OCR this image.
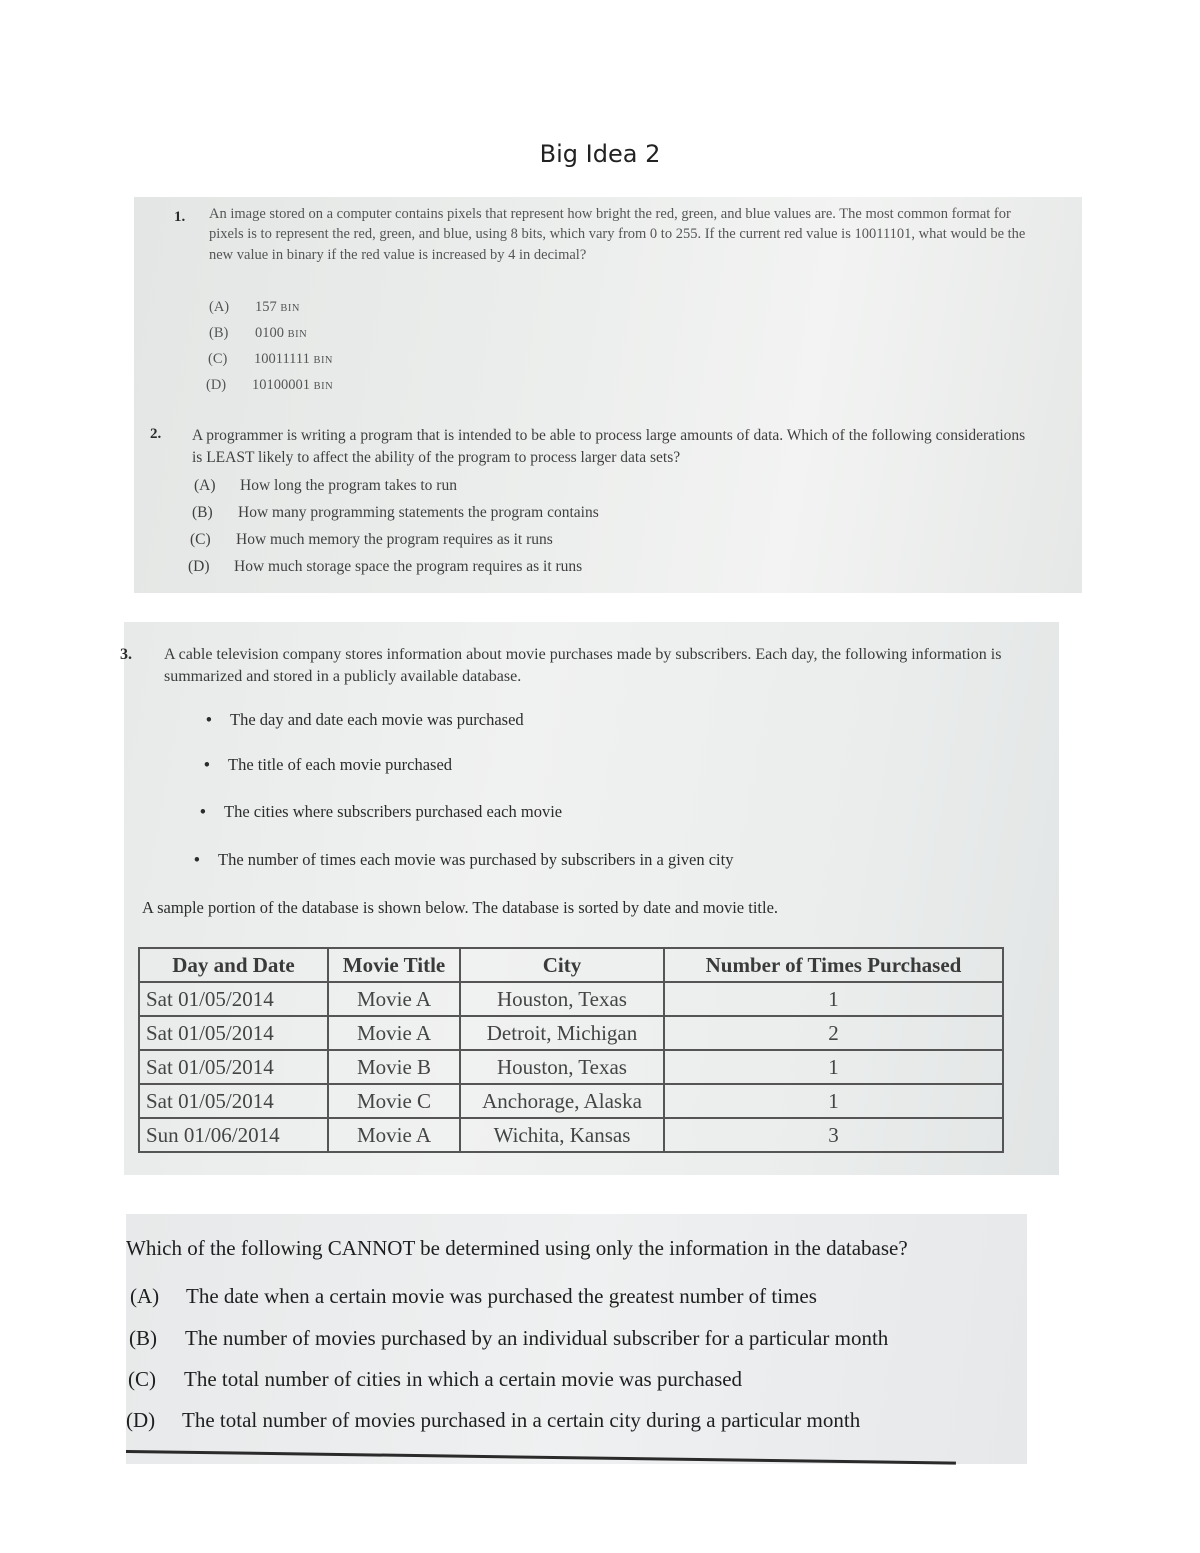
Big Idea 2
1. An image stored on a computer contains pixels that represent how bright the red, green, and blue values are. The most common format for pixels is to represent the red, green, and blue, using 8 bits, which vary from 0 to 255. If the current red value is 10011101, what would be the new value in binary if the red value is increased by 4 in decimal?
(A) 157 BIN
(B) 0100 BIN
(C) 10011111 BIN
(D) 10100001 BIN
2. A programmer is writing a program that is intended to be able to process large amounts of data. Which of the following considerations is LEAST likely to affect the ability of the program to process larger data sets?
(A) How long the program takes to run
(B) How many programming statements the program contains
(C) How much memory the program requires as it runs
(D) How much storage space the program requires as it runs
3. A cable television company stores information about movie purchases made by subscribers. Each day, the following information is summarized and stored in a publicly available database.
• The day and date each movie was purchased
• The title of each movie purchased
• The cities where subscribers purchased each movie
• The number of times each movie was purchased by subscribers in a given city
A sample portion of the database is shown below. The database is sorted by date and movie title.
Day and Date	Movie Title	City	Number of Times Purchased
Sat 01/05/2014	Movie A	Houston, Texas	1
Sat 01/05/2014	Movie A	Detroit, Michigan	2
Sat 01/05/2014	Movie B	Houston, Texas	1
Sat 01/05/2014	Movie C	Anchorage, Alaska	1
Sun 01/06/2014	Movie A	Wichita, Kansas	3
Which of the following CANNOT be determined using only the information in the database?
(A) The date when a certain movie was purchased the greatest number of times
(B) The number of movies purchased by an individual subscriber for a particular month
(C) The total number of cities in which a certain movie was purchased
(D) The total number of movies purchased in a certain city during a particular month
